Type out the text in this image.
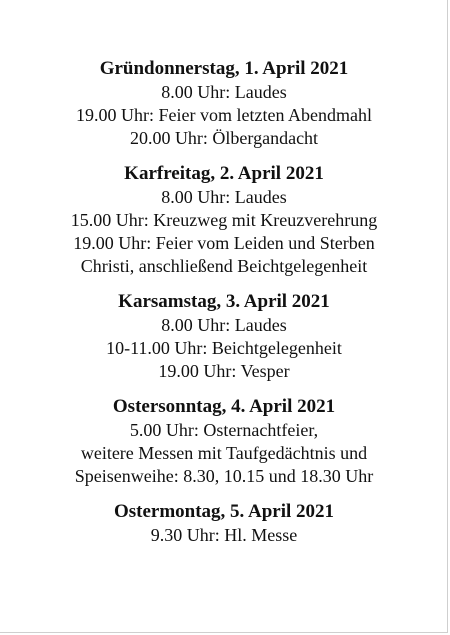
Gründonnerstag, 1. April 2021

8.00 Uhr: Laudes

19.00 Uhr: Feier vom letzten Abendmahl

20.00 Uhr: Ölbergandacht

Karfreitag, 2. April 2021

8.00 Uhr: Laudes

15.00 Uhr: Kreuzweg mit Kreuzverehrung

19.00 Uhr: Feier vom Leiden und Sterben

Christi, anschließend Beichtgelegenheit

Karsamstag, 3. April 2021

8.00 Uhr: Laudes

10-11.00 Uhr: Beichtgelegenheit

19.00 Uhr: Vesper

Ostersonntag, 4. April 2021

5.00 Uhr: Osternachtfeier,

weitere Messen mit Taufgedächtnis und

Speisenweihe: 8.30, 10.15 und 18.30 Uhr

Ostermontag, 5. April 2021

9.30 Uhr: Hl. Messe
